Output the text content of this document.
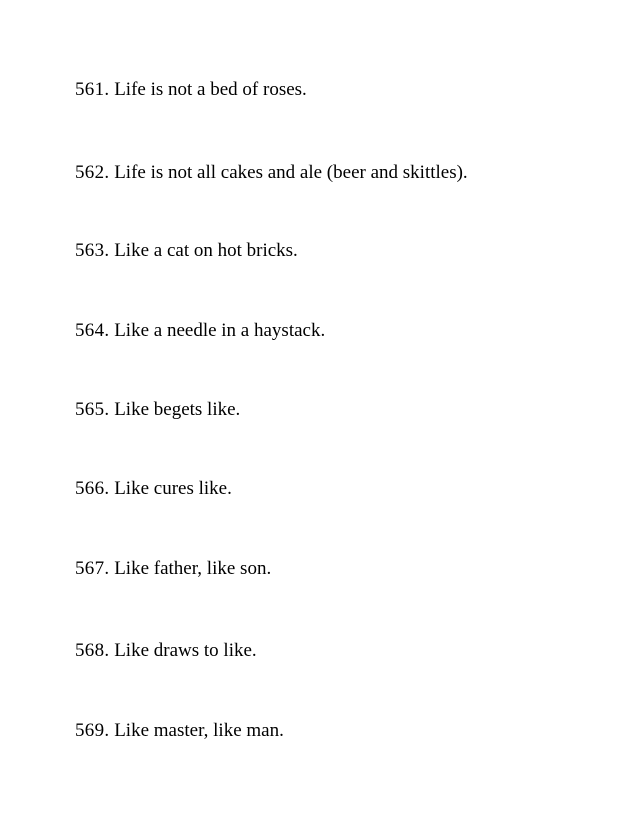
561. Life is not a bed of roses.
562. Life is not all cakes and ale (beer and skittles).
563. Like a cat on hot bricks.
564. Like a needle in a haystack.
565. Like begets like.
566. Like cures like.
567. Like father, like son.
568. Like draws to like.
569. Like master, like man.
